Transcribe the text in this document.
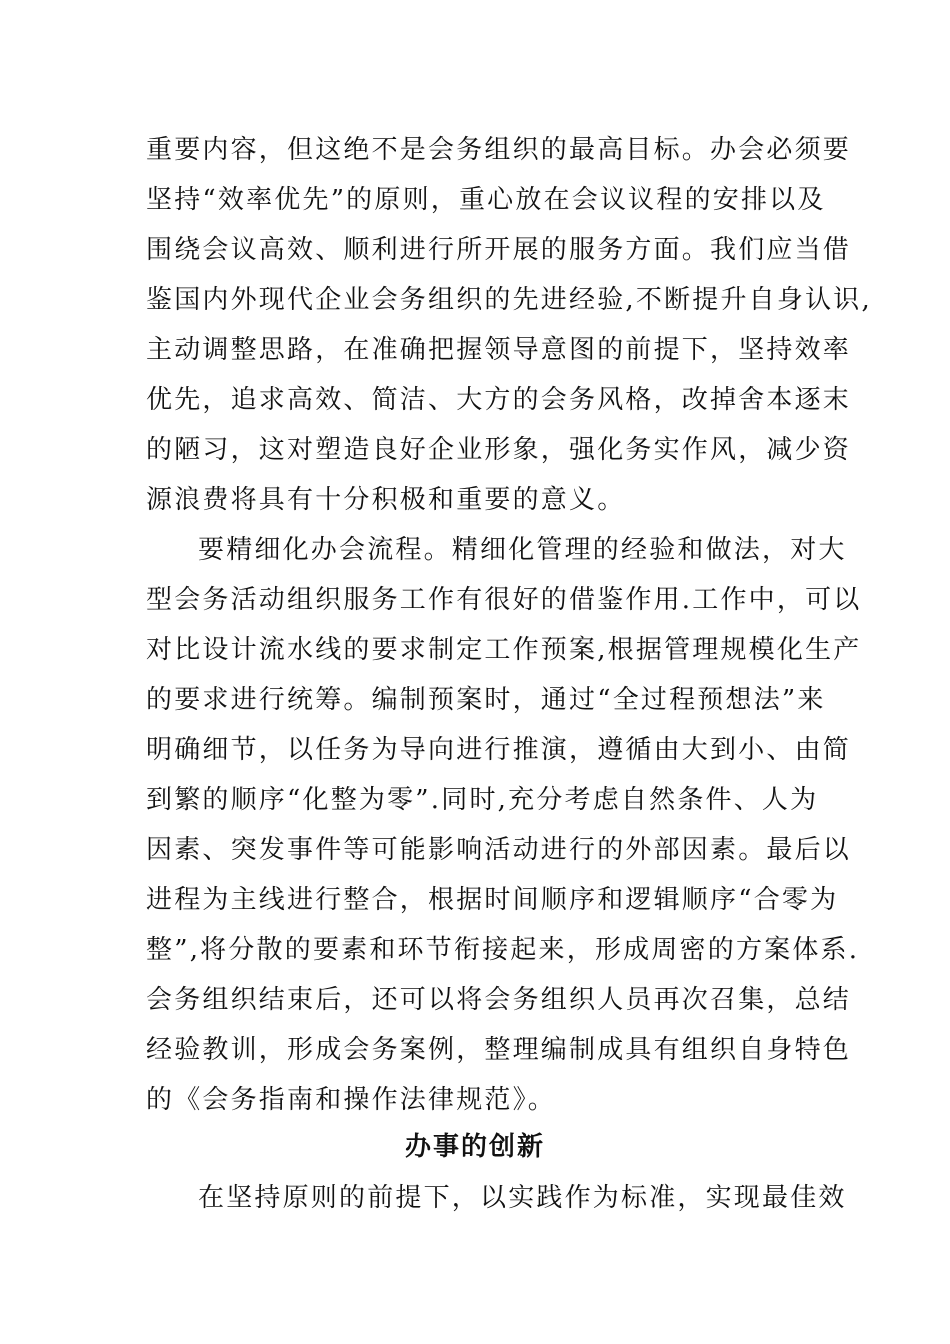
重要内容，但这绝不是会务组织的最高目标。办会必须要
坚持“效率优先”的原则，重心放在会议议程的安排以及
围绕会议高效、顺利进行所开展的服务方面。我们应当借
鉴国内外现代企业会务组织的先进经验,不断提升自身认识,
主动调整思路，在准确把握领导意图的前提下，坚持效率
优先，追求高效、简洁、大方的会务风格，改掉舍本逐末
的陋习，这对塑造良好企业形象，强化务实作风，减少资
源浪费将具有十分积极和重要的意义。
要精细化办会流程。精细化管理的经验和做法，对大
型会务活动组织服务工作有很好的借鉴作用.工作中，可以
对比设计流水线的要求制定工作预案,根据管理规模化生产
的要求进行统筹。编制预案时，通过“全过程预想法”来
明确细节，以任务为导向进行推演，遵循由大到小、由简
到繁的顺序“化整为零”.同时,充分考虑自然条件、人为
因素、突发事件等可能影响活动进行的外部因素。最后以
进程为主线进行整合，根据时间顺序和逻辑顺序“合零为
整”,将分散的要素和环节衔接起来，形成周密的方案体系.
会务组织结束后，还可以将会务组织人员再次召集，总结
经验教训，形成会务案例，整理编制成具有组织自身特色
的《会务指南和操作法律规范》。
办事的创新
在坚持原则的前提下，以实践作为标准，实现最佳效
